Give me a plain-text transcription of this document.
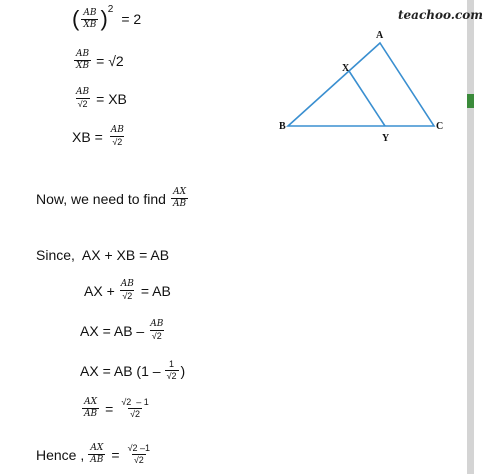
teachoo.com
( $\frac{AB}{XB}$ ) 2
= 2
$\frac{AB}{XB} = √2$
$\frac{AB}{√2}$ = XB
XB = $\frac{AB}{√2}$
Now, we need to find $\frac{AX}{AB}$
Since,  AX + XB = AB
AX + $\frac{AB}{√2}$ = AB
AX = AB – $\frac{AB}{√2}$
AX = AB ($1 - \frac{1}{√2}$ )
$\frac{AX}{AB} = \frac{√2 - 1}{√2}$
Hence , $\frac{AX}{AB} = \frac{√2 -1}{√2}$
A
B	C
X
Y
